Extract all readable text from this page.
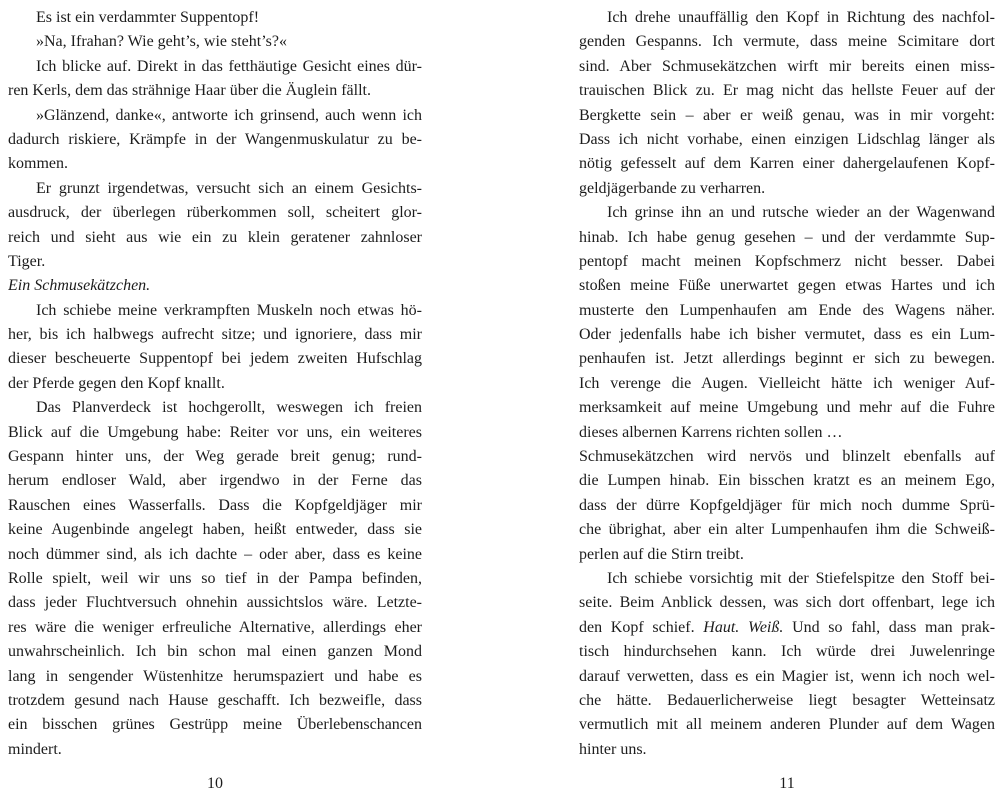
Es ist ein verdammter Suppentopf!
»Na, Ifrahan? Wie geht’s, wie steht’s?«
Ich blicke auf. Direkt in das fetthäutige Gesicht eines dür-
ren Kerls, dem das strähnige Haar über die Äuglein fällt.
»Glänzend, danke«, antworte ich grinsend, auch wenn ich
dadurch riskiere, Krämpfe in der Wangenmuskulatur zu be-
kommen.
Er grunzt irgendetwas, versucht sich an einem Gesichts-
ausdruck, der überlegen rüberkommen soll, scheitert glor-
reich und sieht aus wie ein zu klein geratener zahnloser
Tiger.
Ein Schmusekätzchen.
Ich schiebe meine verkrampften Muskeln noch etwas hö-
her, bis ich halbwegs aufrecht sitze; und ignoriere, dass mir
dieser bescheuerte Suppentopf bei jedem zweiten Hufschlag
der Pferde gegen den Kopf knallt.
Das Planverdeck ist hochgerollt, weswegen ich freien
Blick auf die Umgebung habe: Reiter vor uns, ein weiteres
Gespann hinter uns, der Weg gerade breit genug; rund-
herum endloser Wald, aber irgendwo in der Ferne das
Rauschen eines Wasserfalls. Dass die Kopfgeldjäger mir
keine Augenbinde angelegt haben, heißt entweder, dass sie
noch dümmer sind, als ich dachte – oder aber, dass es keine
Rolle spielt, weil wir uns so tief in der Pampa befinden,
dass jeder Fluchtversuch ohnehin aussichtslos wäre. Letzte-
res wäre die weniger erfreuliche Alternative, allerdings eher
unwahrscheinlich. Ich bin schon mal einen ganzen Mond
lang in sengender Wüstenhitze herumspaziert und habe es
trotzdem gesund nach Hause geschafft. Ich bezweifle, dass
ein bisschen grünes Gestrüpp meine Überlebenschancen
mindert.
10
Ich drehe unauffällig den Kopf in Richtung des nachfol-
genden Gespanns. Ich vermute, dass meine Scimitare dort
sind. Aber Schmusekätzchen wirft mir bereits einen miss-
trauischen Blick zu. Er mag nicht das hellste Feuer auf der
Bergkette sein – aber er weiß genau, was in mir vorgeht:
Dass ich nicht vorhabe, einen einzigen Lidschlag länger als
nötig gefesselt auf dem Karren einer dahergelaufenen Kopf-
geldjägerbande zu verharren.
Ich grinse ihn an und rutsche wieder an der Wagenwand
hinab. Ich habe genug gesehen – und der verdammte Sup-
pentopf macht meinen Kopfschmerz nicht besser. Dabei
stoßen meine Füße unerwartet gegen etwas Hartes und ich
musterte den Lumpenhaufen am Ende des Wagens näher.
Oder jedenfalls habe ich bisher vermutet, dass es ein Lum-
penhaufen ist. Jetzt allerdings beginnt er sich zu bewegen.
Ich verenge die Augen. Vielleicht hätte ich weniger Auf-
merksamkeit auf meine Umgebung und mehr auf die Fuhre
dieses albernen Karrens richten sollen …
Schmusekätzchen wird nervös und blinzelt ebenfalls auf
die Lumpen hinab. Ein bisschen kratzt es an meinem Ego,
dass der dürre Kopfgeldjäger für mich noch dumme Sprü-
che übrighat, aber ein alter Lumpenhaufen ihm die Schweiß-
perlen auf die Stirn treibt.
Ich schiebe vorsichtig mit der Stiefelspitze den Stoff bei-
seite. Beim Anblick dessen, was sich dort offenbart, lege ich
den Kopf schief. Haut. Weiß. Und so fahl, dass man prak-
tisch hindurchsehen kann. Ich würde drei Juwelenringe
darauf verwetten, dass es ein Magier ist, wenn ich noch wel-
che hätte. Bedauerlicherweise liegt besagter Wetteinsatz
vermutlich mit all meinem anderen Plunder auf dem Wagen
hinter uns.
11
